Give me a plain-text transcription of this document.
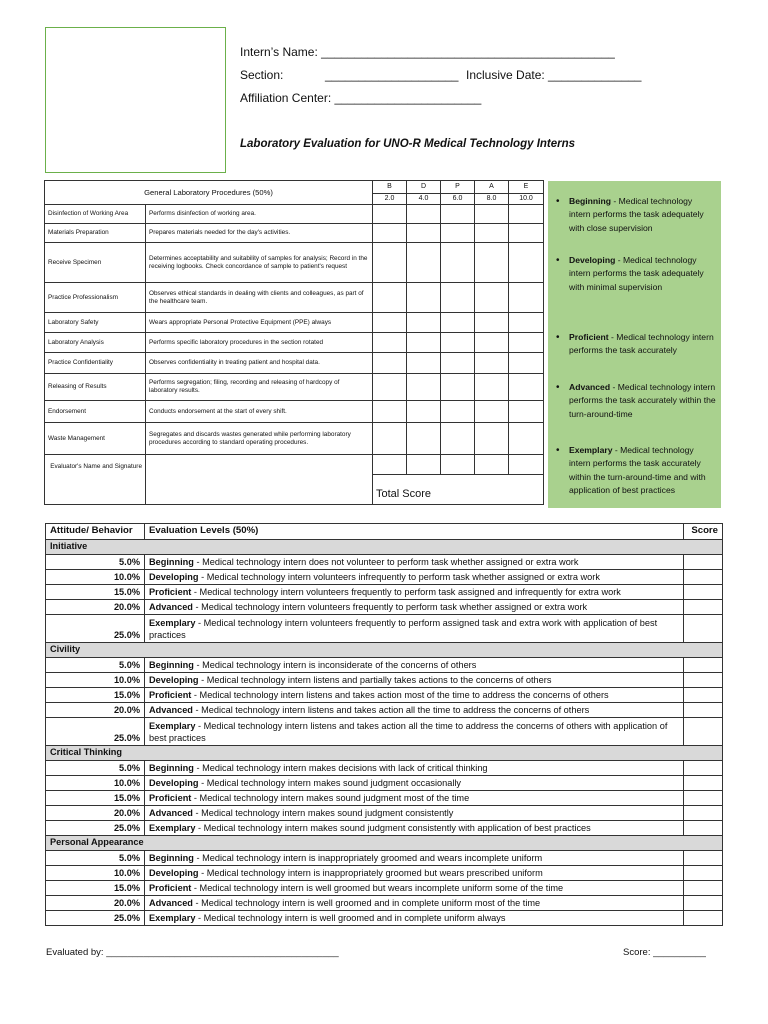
Intern’s Name: ____________________________________________
Section:	____________________ Inclusive Date: ______________
Affiliation Center: ______________________
Laboratory Evaluation for UNO-R Medical Technology Interns
General Laboratory Procedures (50%)		B	D	P	A	E
		2.0	4.0	6.0	8.0	10.0
Disinfection of Working Area	Performs disinfection of working area.					
Materials Preparation	Prepares materials needed for the day's activities.					
Receive Specimen	Determines acceptability and suitability of samples for analysis; Record in the receiving logbooks. Check concordance of sample to patient's request					
Practice Professionalism	Observes ethical standards in dealing with clients and colleagues, as part of the healthcare team.					
Laboratory Safety	Wears appropriate Personal Protective Equipment (PPE) always					
Laboratory Analysis	Performs specific laboratory procedures in the section rotated					
Practice Confidentiality	Observes confidentiality in treating patient and hospital data.					
Releasing of Results	Performs segregation; filing, recording and releasing of hardcopy of laboratory results.					
Endorsement	Conducts endorsement at the start of every shift.					
Waste Management	Segregates and discards wastes generated while performing laboratory procedures according to standard operating procedures.					
Evaluator's Name and Signature						
		Total Score				
•	Beginning - Medical technology intern performs the task adequately with close supervision
•	Developing - Medical technology intern performs the task adequately with minimal supervision
•	Proficient - Medical technology intern performs the task accurately
•	Advanced - Medical technology intern performs the task accurately within the turn-around-time
•	Exemplary - Medical technology intern performs the task accurately within the turn-around-time and with application of best practices
Attitude/ Behavior	Evaluation Levels (50%)	Score
Initiative		
5.0%	Beginning - Medical technology intern does not volunteer to perform task whether assigned or extra work	
10.0%	Developing - Medical technology intern volunteers infrequently to perform task whether assigned or extra work	
15.0%	Proficient - Medical technology intern volunteers frequently to perform task assigned and infrequently for extra work	
20.0%	Advanced - Medical technology intern volunteers frequently to perform task whether assigned or extra work	
25.0%	Exemplary - Medical technology intern volunteers frequently to perform assigned task and extra work with application of best practices	
Civility		
5.0%	Beginning - Medical technology intern is inconsiderate of the concerns of others	
10.0%	Developing - Medical technology intern listens and partially takes actions to the concerns of others	
15.0%	Proficient - Medical technology intern listens and takes action most of the time to address the concerns of others	
20.0%	Advanced - Medical technology intern listens and takes action all the time to address the concerns of others	
25.0%	Exemplary - Medical technology intern listens and takes action all the time to address the concerns of others with application of best practices	
Critical Thinking		
5.0%	Beginning - Medical technology intern makes decisions with lack of critical thinking	
10.0%	Developing - Medical technology intern makes sound judgment occasionally	
15.0%	Proficient - Medical technology intern makes sound judgment most of the time	
20.0%	Advanced - Medical technology intern makes sound judgment consistently	
25.0%	Exemplary - Medical technology intern makes sound judgment consistently with application of best practices	
Personal Appearance		
5.0%	Beginning - Medical technology intern is inappropriately groomed and wears incomplete uniform	
10.0%	Developing - Medical technology intern is inappropriately groomed but wears prescribed uniform	
15.0%	Proficient - Medical technology intern is well groomed but wears incomplete uniform some of the time	
20.0%	Advanced - Medical technology intern is well groomed and in complete uniform most of the time	
25.0%	Exemplary - Medical technology intern is well groomed and in complete uniform always	
Evaluated by: ____________________________________________	Score: __________
